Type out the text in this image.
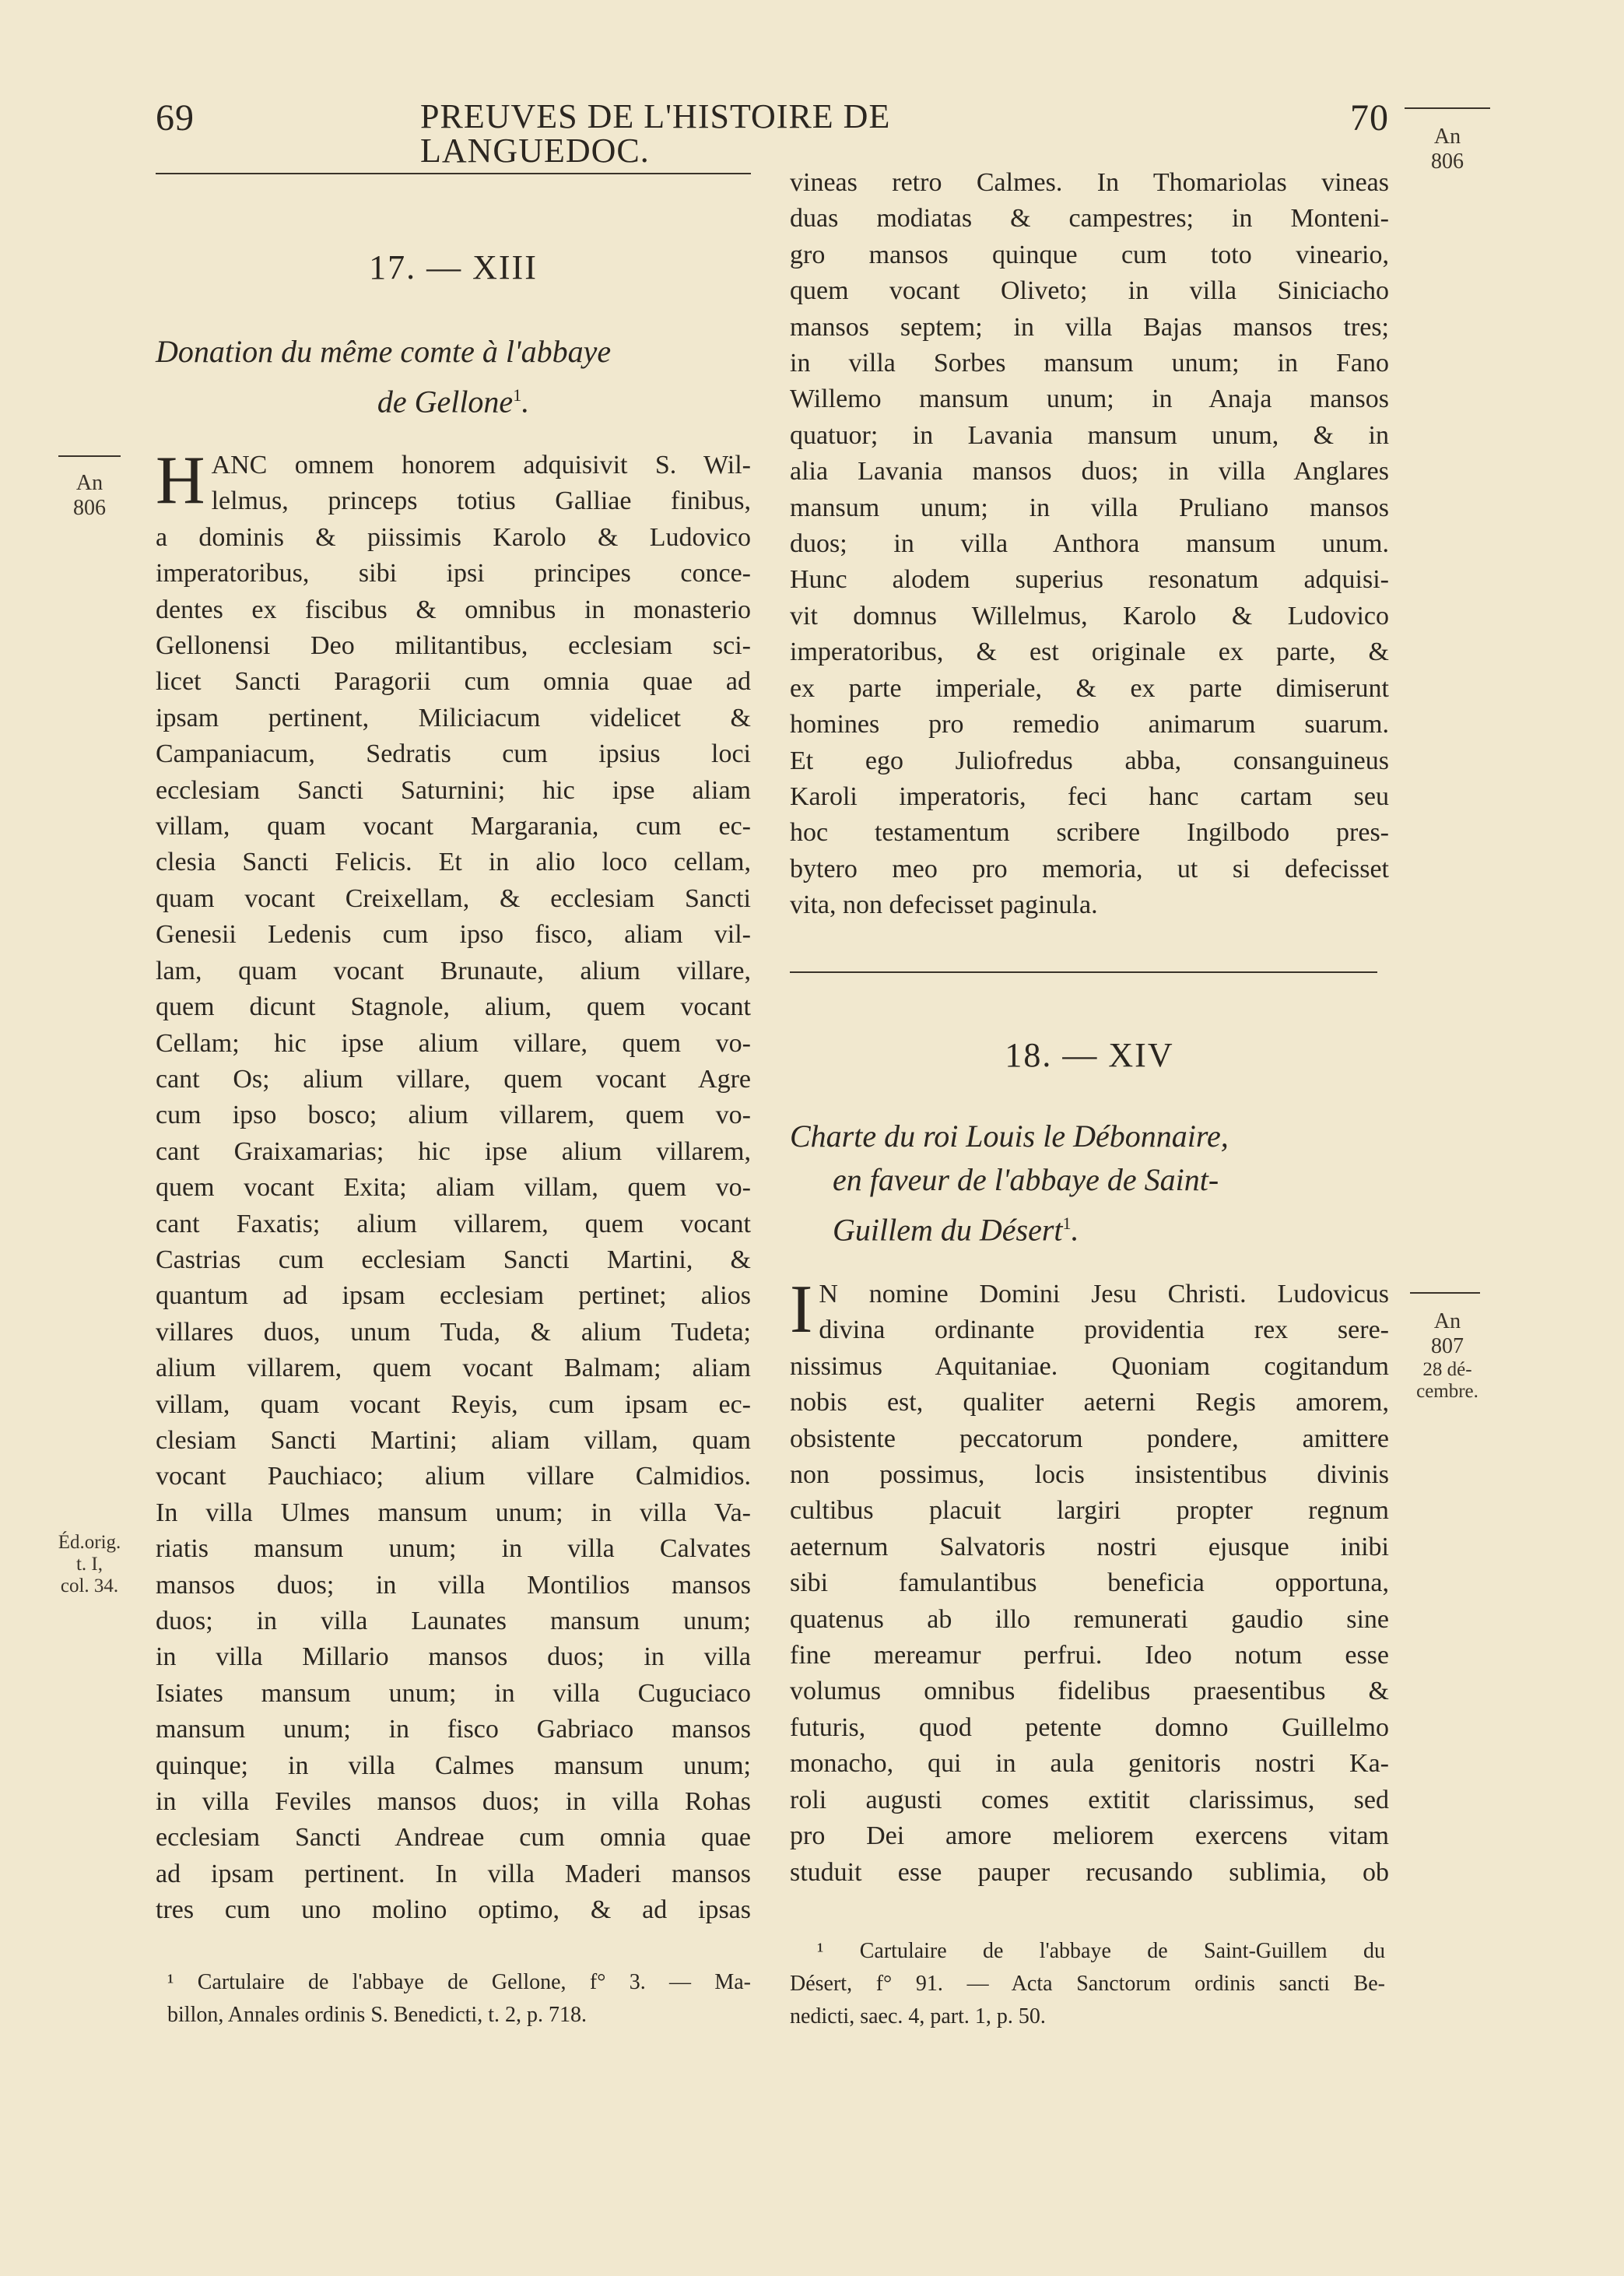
69	PREUVES DE L'HISTOIRE DE LANGUEDOC.
70	An
806
An
806
Éd.orig.
t. I,
col. 34.
An
807
28 dé-
cembre.
17. — XIII
Donation du même comte à l'abbaye
de Gellone$^1$.
H ANC omnem honorem adquisivit S. Wil-

lelmus, princeps totius Galliae finibus,

a dominis & piissimis Karolo & Ludovico

imperatoribus, sibi ipsi principes conce-

dentes ex fiscibus & omnibus in monasterio

Gellonensi Deo militantibus, ecclesiam sci-

licet Sancti Paragorii cum omnia quae ad

ipsam pertinent, Miliciacum videlicet &

Campaniacum, Sedratis cum ipsius loci

ecclesiam Sancti Saturnini; hic ipse aliam

villam, quam vocant Margarania, cum ec-

clesia Sancti Felicis. Et in alio loco cellam,

quam vocant Creixellam, & ecclesiam Sancti

Genesii Ledenis cum ipso fisco, aliam vil-

lam, quam vocant Brunaute, alium villare,

quem dicunt Stagnole, alium, quem vocant

Cellam; hic ipse alium villare, quem vo-

cant Os; alium villare, quem vocant Agre

cum ipso bosco; alium villarem, quem vo-

cant Graixamarias; hic ipse alium villarem,

quem vocant Exita; aliam villam, quem vo-

cant Faxatis; alium villarem, quem vocant

Castrias cum ecclesiam Sancti Martini, &

quantum ad ipsam ecclesiam pertinet; alios

villares duos, unum Tuda, & alium Tudeta;

alium villarem, quem vocant Balmam; aliam

villam, quam vocant Reyis, cum ipsam ec-

clesiam Sancti Martini; aliam villam, quam

vocant Pauchiaco; alium villare Calmidios.

In villa Ulmes mansum unum; in villa Va-

riatis mansum unum; in villa Calvates

mansos duos; in villa Montilios mansos

duos; in villa Launates mansum unum;

in villa Millario mansos duos; in villa

Isiates mansum unum; in villa Cuguciaco

mansum unum; in fisco Gabriaco mansos

quinque; in villa Calmes mansum unum;

in villa Feviles mansos duos; in villa Rohas

ecclesiam Sancti Andreae cum omnia quae

ad ipsam pertinent. In villa Maderi mansos

tres cum uno molino optimo, & ad ipsas

¹ Cartulaire de l'abbaye de Gellone, f° 3. — Ma-
billon, Annales ordinis S. Benedicti, t. 2, p. 718.

vineas retro Calmes. In Thomariolas vineas

duas modiatas & campestres; in Monteni-

gro mansos quinque cum toto vineario,

quem vocant Oliveto; in villa Siniciacho

mansos septem; in villa Bajas mansos tres;

in villa Sorbes mansum unum; in Fano

Willemo mansum unum; in Anaja mansos

quatuor; in Lavania mansum unum, & in

alia Lavania mansos duos; in villa Anglares

mansum unum; in villa Pruliano mansos

duos; in villa Anthora mansum unum.

Hunc alodem superius resonatum adquisi-

vit domnus Willelmus, Karolo & Ludovico

imperatoribus, & est originale ex parte, &

ex parte imperiale, & ex parte dimiserunt

homines pro remedio animarum suarum.

Et ego Juliofredus abba, consanguineus

Karoli imperatoris, feci hanc cartam seu

hoc testamentum scribere Ingilbodo pres-

bytero meo pro memoria, ut si defecisset

vita, non defecisset paginula.

18. — XIV
Charte du roi Louis le Débonnaire,
en faveur de l'abbaye de Saint-
Guillem du Désert$^1$.
I N nomine Domini Jesu Christi. Ludovicus

divina ordinante providentia rex sere-

nissimus Aquitaniae. Quoniam cogitandum

nobis est, qualiter aeterni Regis amorem,

obsistente peccatorum pondere, amittere

non possimus, locis insistentibus divinis

cultibus placuit largiri propter regnum

aeternum Salvatoris nostri ejusque inibi

sibi famulantibus beneficia opportuna,

quatenus ab illo remunerati gaudio sine

fine mereamur perfrui. Ideo notum esse

volumus omnibus fidelibus praesentibus &

futuris, quod petente domno Guillelmo

monacho, qui in aula genitoris nostri Ka-

roli augusti comes extitit clarissimus, sed

pro Dei amore meliorem exercens vitam

studuit esse pauper recusando sublimia, ob

¹ Cartulaire de l'abbaye de Saint-Guillem du
Désert, f° 91. — Acta Sanctorum ordinis sancti Be-
nedicti, saec. 4, part. 1, p. 50.
